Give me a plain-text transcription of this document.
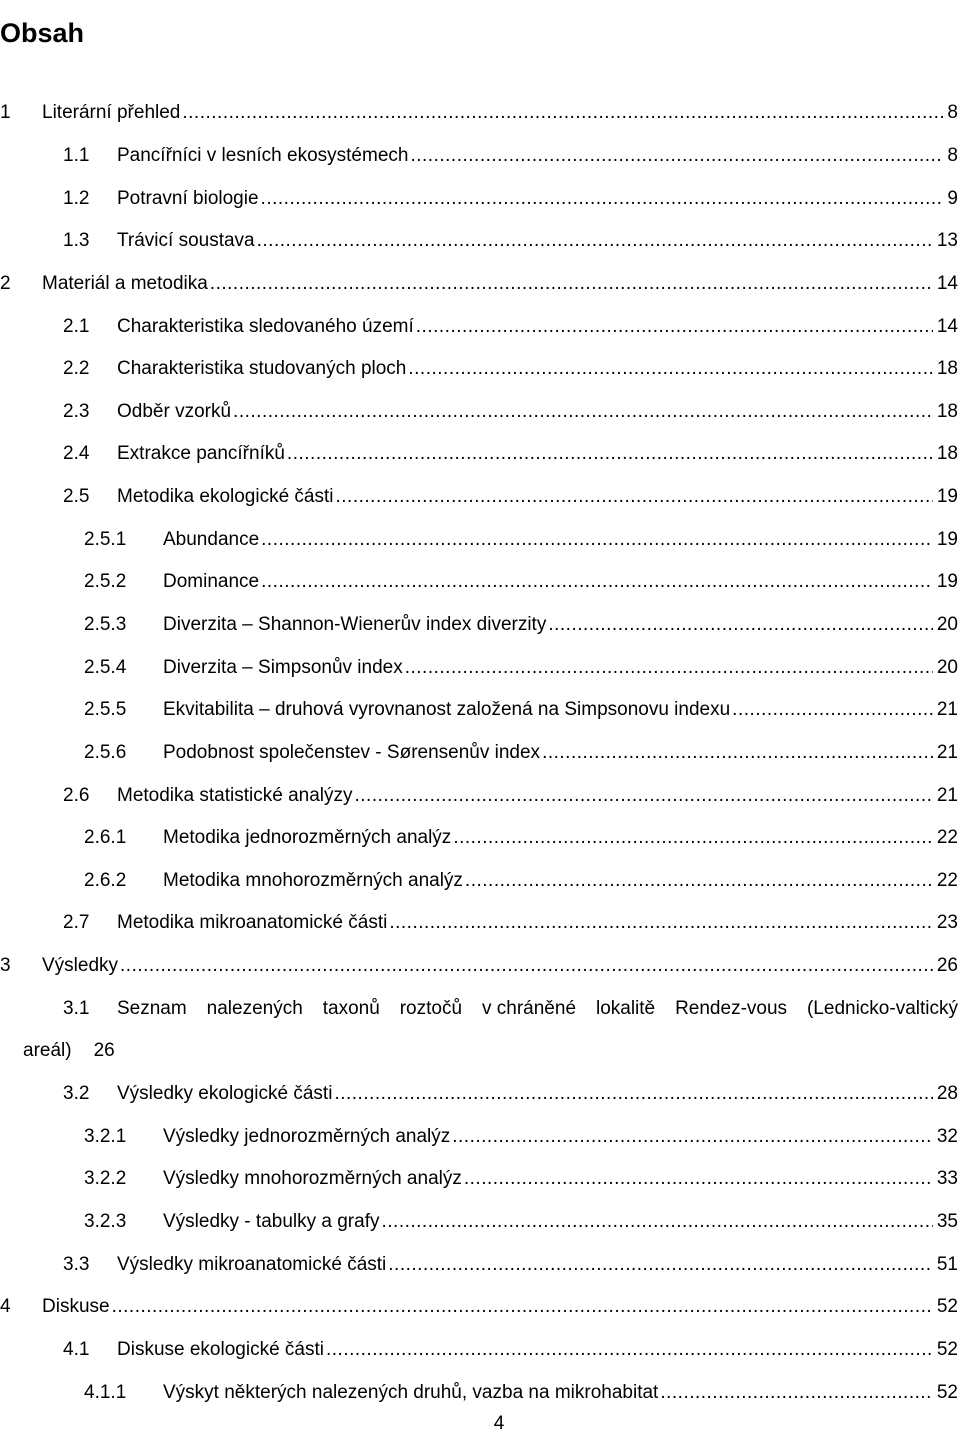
Obsah
1	Literární přehled .....	8
1.1	Pancířníci v lesních ekosystémech .....	8
1.2	Potravní biologie .....	9
1.3	Trávicí soustava .....	13
2	Materiál a metodika .....	14
2.1	Charakteristika sledovaného území .....	14
2.2	Charakteristika studovaných ploch .....	18
2.3	Odběr vzorků .....	18
2.4	Extrakce pancířníků .....	18
2.5	Metodika ekologické části .....	19
2.5.1	Abundance .....	19
2.5.2	Dominance .....	19
2.5.3	Diverzita – Shannon-Wienerův index diverzity .....	20
2.5.4	Diverzita – Simpsonův index .....	20
2.5.5	Ekvitabilita – druhová vyrovnanost založená na Simpsonovu indexu .....	21
2.5.6	Podobnost společenstev - Sørensenův index .....	21
2.6	Metodika statistické analýzy .....	21
2.6.1	Metodika jednorozměrných analýz .....	22
2.6.2	Metodika mnohorozměrných analýz .....	22
2.7	Metodika mikroanatomické části .....	23
3	Výsledky .....	26
3.1	Seznam nalezených taxonů roztočů v chráněné lokalitě Rendez-vous (Lednicko-valtický
areál) 26
3.2	Výsledky ekologické části .....	28
3.2.1	Výsledky jednorozměrných analýz .....	32
3.2.2	Výsledky mnohorozměrných analýz .....	33
3.2.3	Výsledky - tabulky a grafy .....	35
3.3	Výsledky mikroanatomické části .....	51
4	Diskuse .....	52
4.1	Diskuse ekologické části .....	52
4.1.1	Výskyt některých nalezených druhů, vazba na mikrohabitat .....	52
4
